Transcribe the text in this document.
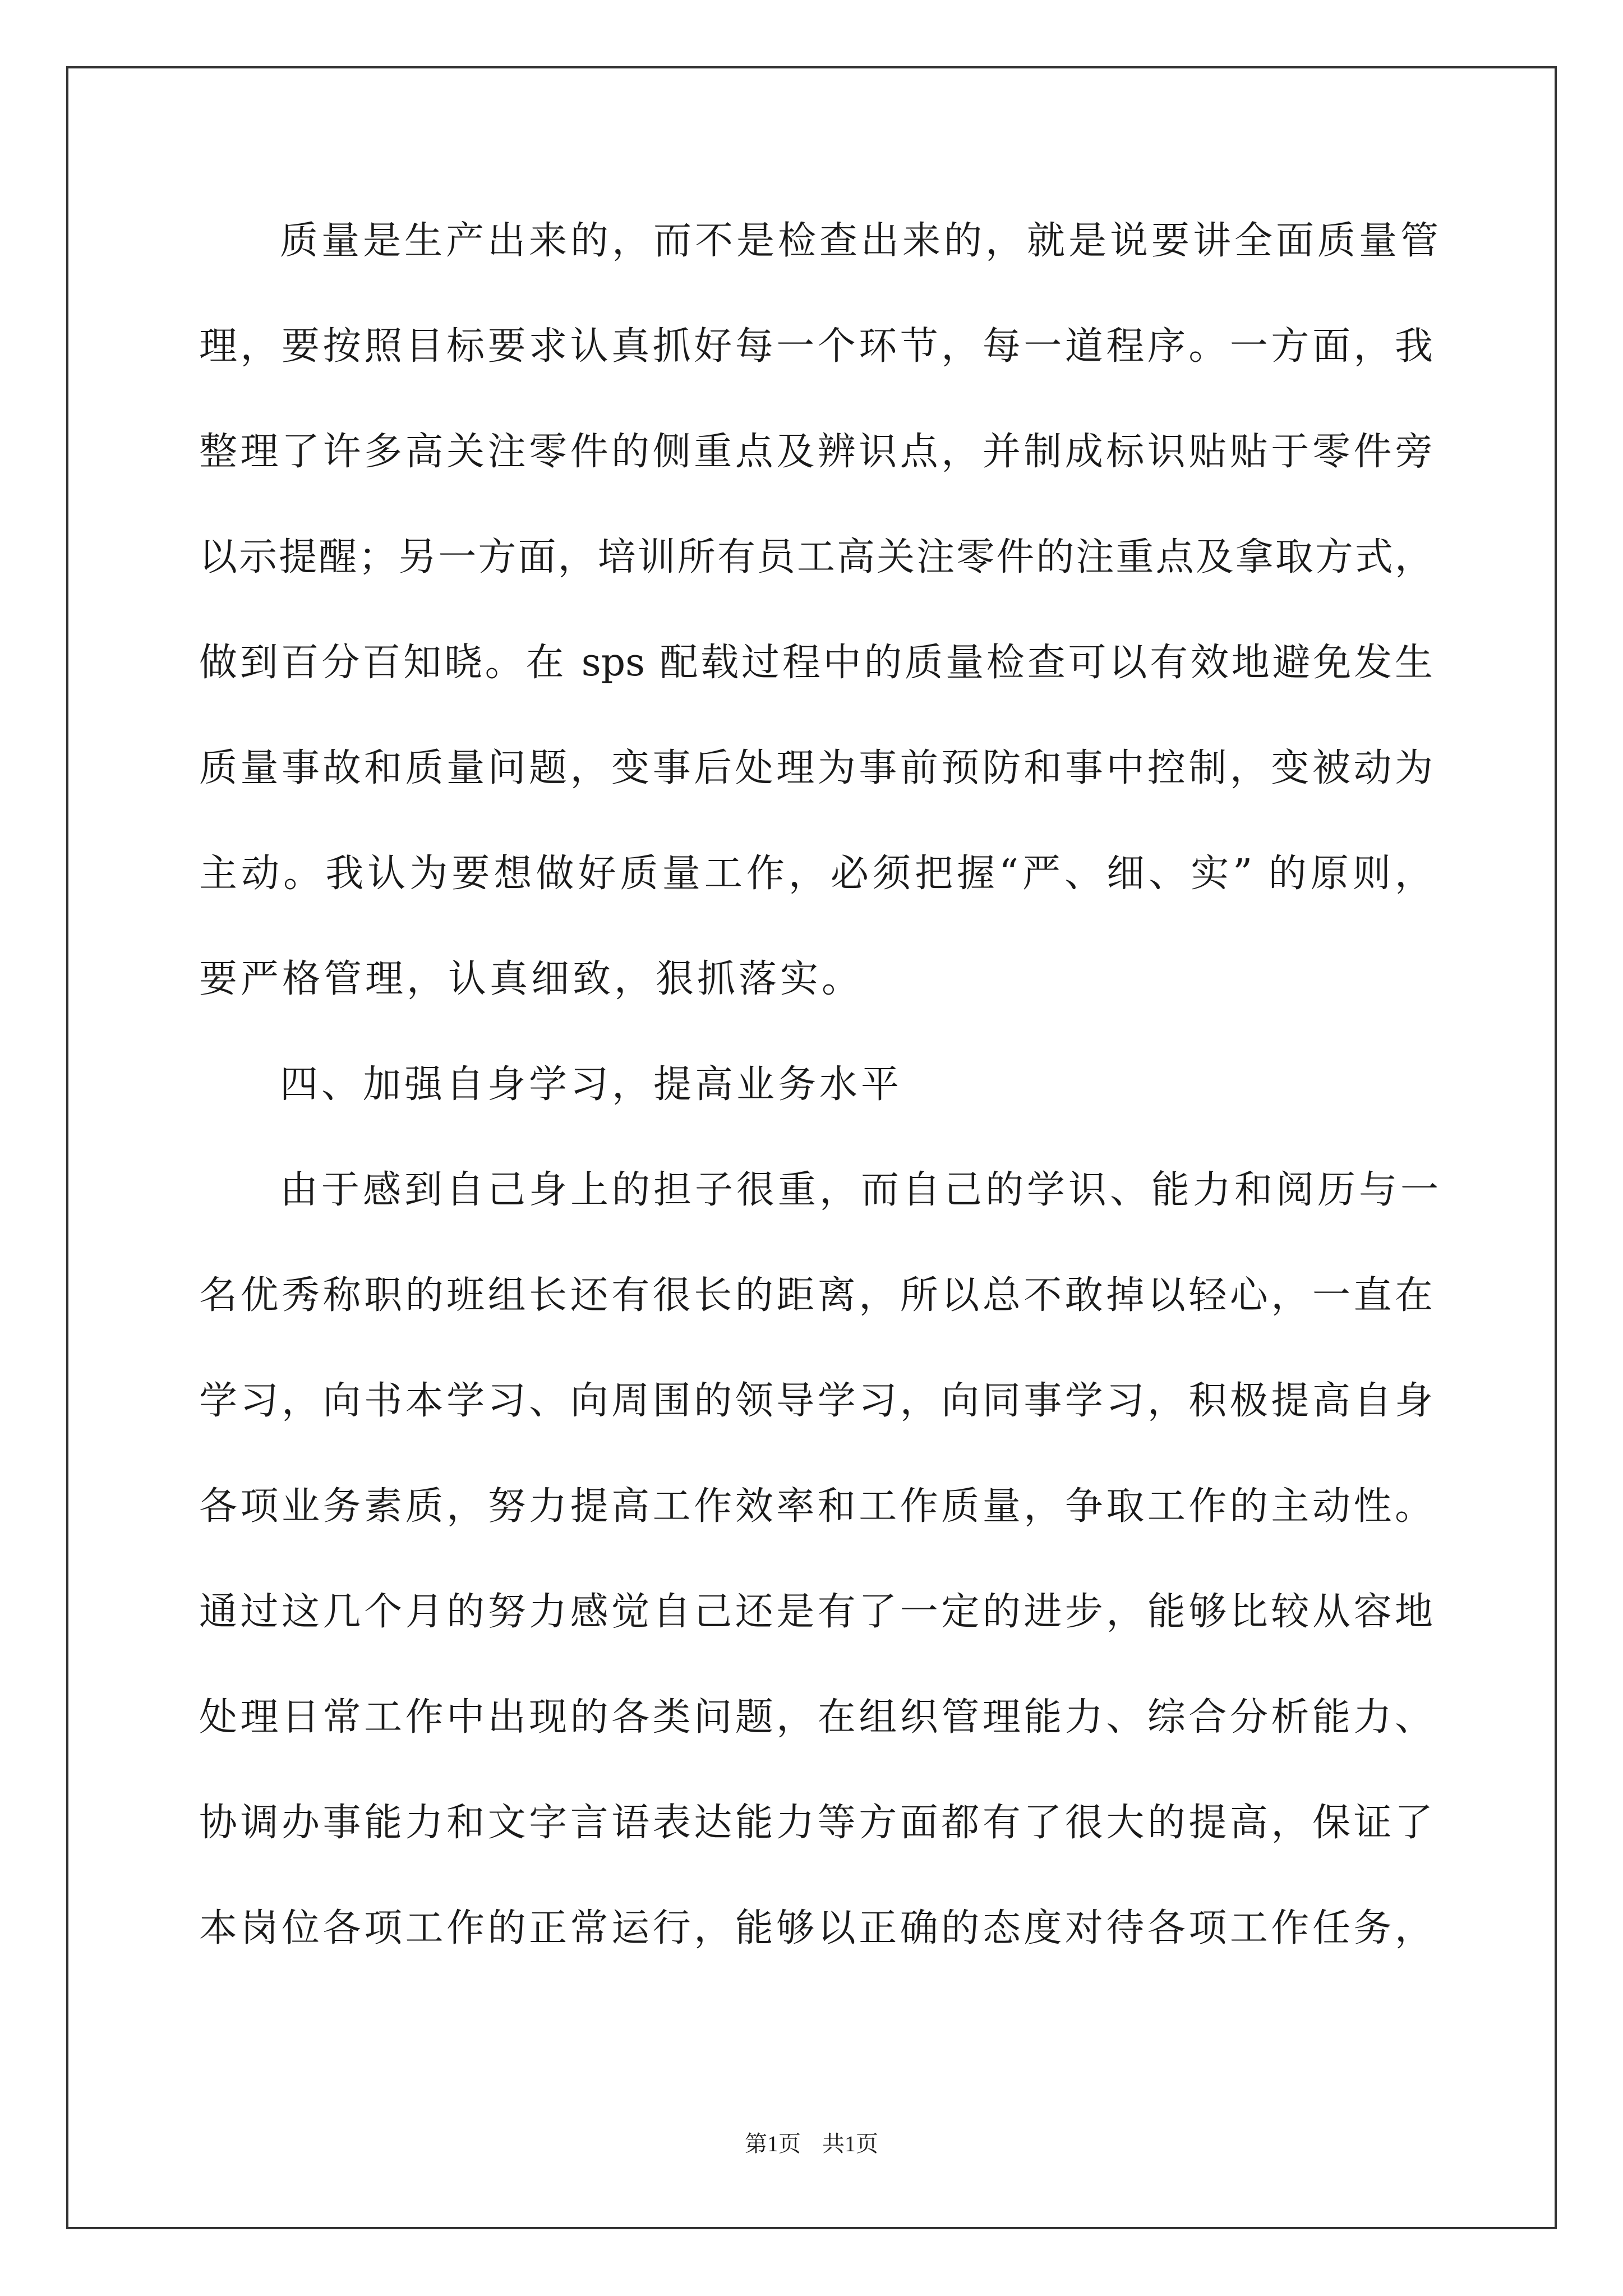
质量是生产出来的，而不是检查出来的，就是说要讲全面质量管
理，要按照目标要求认真抓好每一个环节，每一道程序。一方面，我
整理了许多高关注零件的侧重点及辨识点，并制成标识贴贴于零件旁
以示提醒；另一方面，培训所有员工高关注零件的注重点及拿取方式，
做到百分百知晓。在 sps 配载过程中的质量检查可以有效地避免发生
质量事故和质量问题，变事后处理为事前预防和事中控制，变被动为
主动。我认为要想做好质量工作，必须把握“严、细、实” 的原则，
要严格管理，认真细致，狠抓落实。
四、加强自身学习，提高业务水平
由于感到自己身上的担子很重，而自己的学识、能力和阅历与一
名优秀称职的班组长还有很长的距离，所以总不敢掉以轻心，一直在
学习，向书本学习、向周围的领导学习，向同事学习，积极提高自身
各项业务素质，努力提高工作效率和工作质量，争取工作的主动性。
通过这几个月的努力感觉自己还是有了一定的进步，能够比较从容地
处理日常工作中出现的各类问题，在组织管理能力、综合分析能力、
协调办事能力和文字言语表达能力等方面都有了很大的提高，保证了
本岗位各项工作的正常运行，能够以正确的态度对待各项工作任务，
第1页 共1页
